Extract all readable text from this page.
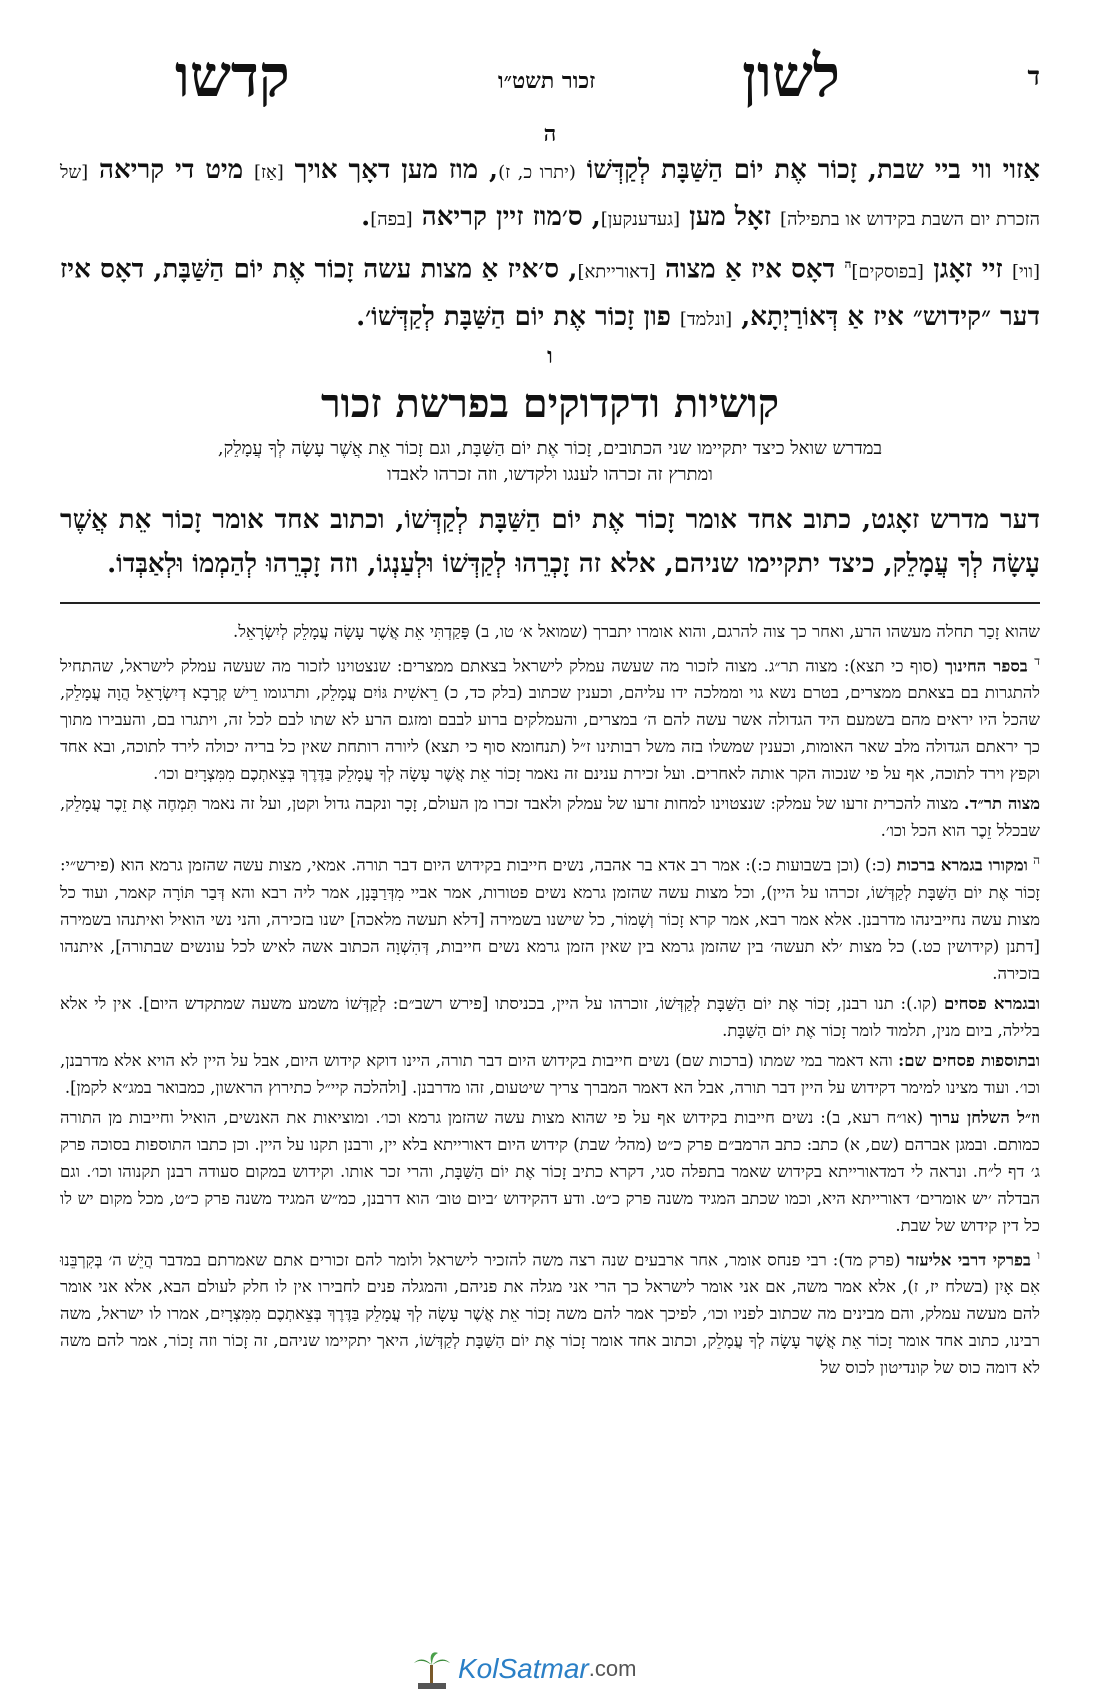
ד
לשון
זכור תשט״ו
קדשו
ה

אַזוי ווי ביי שבת, זָכוֹר אֶת יוֹם הַשַּׁבָּת לְקַדְּשׁוֹ (יתרו כ, ז), מוז מען דאָך אויך [אַז] מיט די קריאה [של הזכרת יום השבת בקידוש או בתפילה] זאָל מען [געדענקען], ס׳מוז זיין קריאה [בפה].

[ווי] זיי זאָגן [בפוסקים]$^ה$ דאָס איז אַ מצוה [דאורייתא], ס׳איז אַ מצות עשה זָכוֹר אֶת יוֹם הַשַּׁבָּת, דאָס איז דער ״קידוש״ איז אַ דְּאוֹרַיְתָא, [ונלמד] פון זָכוֹר אֶת יוֹם הַשַּׁבָּת לְקַדְּשׁוֹ׳.

ו
קושיות ודקדוקים בפרשת זכור
במדרש שואל כיצד יתקיימו שני הכתובים, זָכוֹר אֶת יוֹם הַשַּׁבָּת, וגם זָכוֹר אֵת אֲשֶׁר עָשָׂה לְךָ עֲמָלֵק,
ומתרץ זה זכרהו לענגו ולקדשו, וזה זכרהו לאבדו

דער מדרש זאָגט, כתוב אחד אומר זָכוֹר אֶת יוֹם הַשַּׁבָּת לְקַדְּשׁוֹ, וכתוב אחד אומר זָכוֹר אֵת אֲשֶׁר עָשָׂה לְךָ עֲמָלֵק, כיצד יתקיימו שניהם, אלא זה זָכְרֵהוּ לְקַדְּשׁוֹ וּלְעַנְגוֹ, וזה זָכְרֵהוּ לְהַמְמוֹ וּלְאַבְּדוֹ.

שהוא זָכַר תחלה מעשהו הרע, ואחר כך צוה להרגם, והוא אומרו יתברך (שמואל א׳ טו, ב) פָּקַדְתִּי אֵת אֲשֶׁר עָשָׂה עֲמָלֵק לְיִשְׂרָאֵל.

$^ד$ בספר החינוך (סוף כי תצא): מצוה תר״ג. מצוה לזכור מה שעשה עמלק לישראל בצאתם ממצרים: שנצטוינו לזכור מה שעשה עמלק לישראל, שהתחיל להתגרות בם בצאתם ממצרים, בטרם נשא גוי וממלכה ידו עליהם, וכענין שכתוב (בלק כד, כ) רֵאשִׁית גּוֹיִם עֲמָלֵק, ותרגומו רֵישׁ קְרָבָא דְיִשְׂרָאֵל הֲוָה עֲמָלֵק, שהכל היו יראים מהם בשמעם היד הגדולה אשר עשה להם ה׳ במצרים, והעמלקים ברוע לבבם ומזגם הרע לא שתו לבם לכל זה, ויתגרו בם, והעבירו מתוך כך יראתם הגדולה מלב שאר האומות, וכענין שמשלו בזה משל רבותינו ז״ל (תנחומא סוף כי תצא) ליורה רותחת שאין כל בריה יכולה לירד לתוכה, ובא אחד וקפץ וירד לתוכה, אף על פי שנכוה הקר אותה לאחרים. ועל זכירת ענינם זה נאמר זָכוֹר אֵת אֲשֶׁר עָשָׂה לְךָ עֲמָלֵק בַּדֶּרֶךְ בְּצֵאתְכֶם מִמִּצְרָיִם וכו׳.

מצוה תר״ד. מצוה להכרית זרעו של עמלק: שנצטוינו למחות זרעו של עמלק ולאבד זכרו מן העולם, זָכָר ונקבה גדול וקטן, ועל זה נאמר תִּמְחֶה אֶת זֵכֶר עֲמָלֵק, שבכלל זֵכֶר הוא הכל וכו׳.

$^ה$ ומקורו בגמרא ברכות (כ:) (וכן בשבועות כ:): אמר רב אדא בר אהבה, נשים חייבות בקידוש היום דבר תורה. אמאי, מצות עשה שהזמן גרמא הוא (פירש״י: זָכוֹר אֶת יוֹם הַשַּׁבָּת לְקַדְּשׁוֹ, זכרהו על היין), וכל מצות עשה שהזמן גרמא נשים פטורות, אמר אביי מִדְּרַבָּנָן, אמר ליה רבא והא דְּבַר תּוֹרָה קאמר, ועוד כל מצות עשה נחייבינהו מדרבנן. אלא אמר רבא, אמר קרא זָכוֹר וְשָׁמוֹר, כל שישנו בשמירה [דלא תעשה מלאכה] ישנו בזכירה, והני נשי הואיל ואיתנהו בשמירה [דתנן (קידושין כט.) כל מצות ׳לא תעשה׳ בין שהזמן גרמא בין שאין הזמן גרמא נשים חייבות, דְּהִשְׁוָה הכתוב אשה לאיש לכל עונשים שבתורה], איתנהו בזכירה.

ובגמרא פסחים (קו.): תנו רבנן, זָכוֹר אֶת יוֹם הַשַּׁבָּת לְקַדְּשׁוֹ, זוכרהו על היין, בכניסתו [פירש רשב״ם: לְקַדְּשׁוֹ משמע משעה שמתקדש היום]. אין לי אלא בלילה, ביום מנין, תלמוד לומר זָכוֹר אֶת יוֹם הַשַּׁבָּת.

ובתוספות פסחים שם: והא דאמר במי שמתו (ברכות שם) נשים חייבות בקידוש היום דבר תורה, היינו דוקא קידוש היום, אבל על היין לא הויא אלא מדרבנן, וכו׳. ועוד מצינו למימר דקידוש על היין דבר תורה, אבל הא דאמר המברך צריך שיטעום, זהו מדרבנן. [ולהלכה קיי״ל כתירוץ הראשון, כמבואר במג״א לקמן].

וז״ל השלחן ערוך (או״ח רעא, ב): נשים חייבות בקידוש אף על פי שהוא מצות עשה שהזמן גרמא וכו׳. ומוציאות את האנשים, הואיל וחייבות מן התורה כמותם. ובמגן אברהם (שם, א) כתב: כתב הרמב״ם פרק כ״ט (מהל׳ שבת) קידוש היום דאורייתא בלא יין, ורבנן תקנו על היין. וכן כתבו התוספות בסוכה פרק ג׳ דף ל״ח. ונראה לי דמדאורייתא בקידוש שאמר בתפלה סגי, דקרא כתיב זָכוֹר אֶת יוֹם הַשַּׁבָּת, והרי זכר אותו. וקידוש במקום סעודה רבנן תקנוהו וכו׳. וגם הבדלה ׳יש אומרים׳ דאורייתא היא, וכמו שכתב המגיד משנה פרק כ״ט. ודע דהקידוש ׳ביום טוב׳ הוא דרבנן, כמ״ש המגיד משנה פרק כ״ט, מכל מקום יש לו כל דין קידוש של שבת.

$^ו$ בפרקי דרבי אליעזר (פרק מד): רבי פנחס אומר, אחר ארבעים שנה רצה משה להזכיר לישראל ולומר להם זכורים אתם שאמרתם במדבר הֲיֵשׁ ה׳ בְּקִרְבֵּנוּ אִם אָיִן (בשלח יז, ז), אלא אמר משה, אם אני אומר לישראל כך הרי אני מגלה את פניהם, והמגלה פנים לחבירו אין לו חלק לעולם הבא, אלא אני אומר להם מעשה עמלק, והם מבינים מה שכתוב לפניו וכו׳, לפיכך אמר להם משה זָכוֹר אֵת אֲשֶׁר עָשָׂה לְךָ עֲמָלֵק בַּדֶּרֶךְ בְּצֵאתְכֶם מִמִּצְרָיִם, אמרו לו ישראל, משה רבינו, כתוב אחד אומר זָכוֹר אֵת אֲשֶׁר עָשָׂה לְךָ עֲמָלֵק, וכתוב אחד אומר זָכוֹר אֶת יוֹם הַשַּׁבָּת לְקַדְּשׁוֹ, היאך יתקיימו שניהם, זה זָכוֹר וזה זָכוֹר, אמר להם משה לא דומה כוס של קונדיטון לכוס של

KolSatmar .com
